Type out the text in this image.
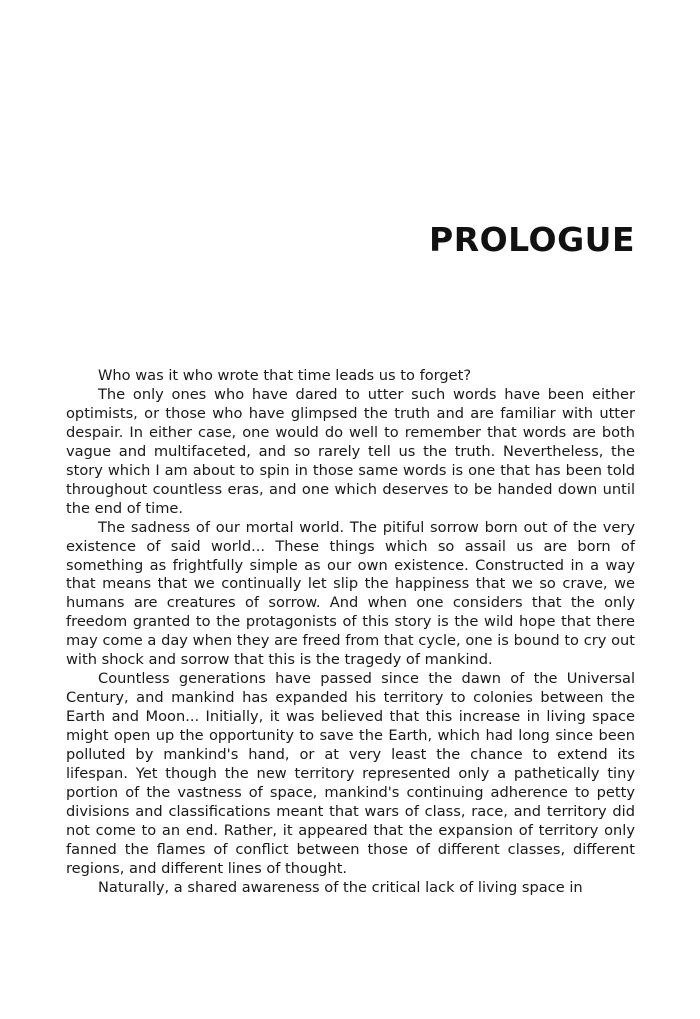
PROLOGUE

Who was it who wrote that time leads us to forget?

The only ones who have dared to utter such words have been either optimists, or those who have glimpsed the truth and are familiar with utter despair. In either case, one would do well to remember that words are both vague and multifaceted, and so rarely tell us the truth. Nevertheless, the story which I am about to spin in those same words is one that has been told throughout countless eras, and one which deserves to be handed down until the end of time.

The sadness of our mortal world. The pitiful sorrow born out of the very existence of said world... These things which so assail us are born of something as frightfully simple as our own existence. Constructed in a way that means that we continually let slip the happiness that we so crave, we humans are creatures of sorrow. And when one considers that the only freedom granted to the protagonists of this story is the wild hope that there may come a day when they are freed from that cycle, one is bound to cry out with shock and sorrow that this is the tragedy of mankind.

Countless generations have passed since the dawn of the Universal Century, and mankind has expanded his territory to colonies between the Earth and Moon... Initially, it was believed that this increase in living space might open up the opportunity to save the Earth, which had long since been polluted by mankind's hand, or at very least the chance to extend its lifespan. Yet though the new territory represented only a pathetically tiny portion of the vastness of space, mankind's continuing adherence to petty divisions and classifications meant that wars of class, race, and territory did not come to an end. Rather, it appeared that the expansion of territory only fanned the flames of conflict between those of different classes, different regions, and different lines of thought.

Naturally, a shared awareness of the critical lack of living space in
